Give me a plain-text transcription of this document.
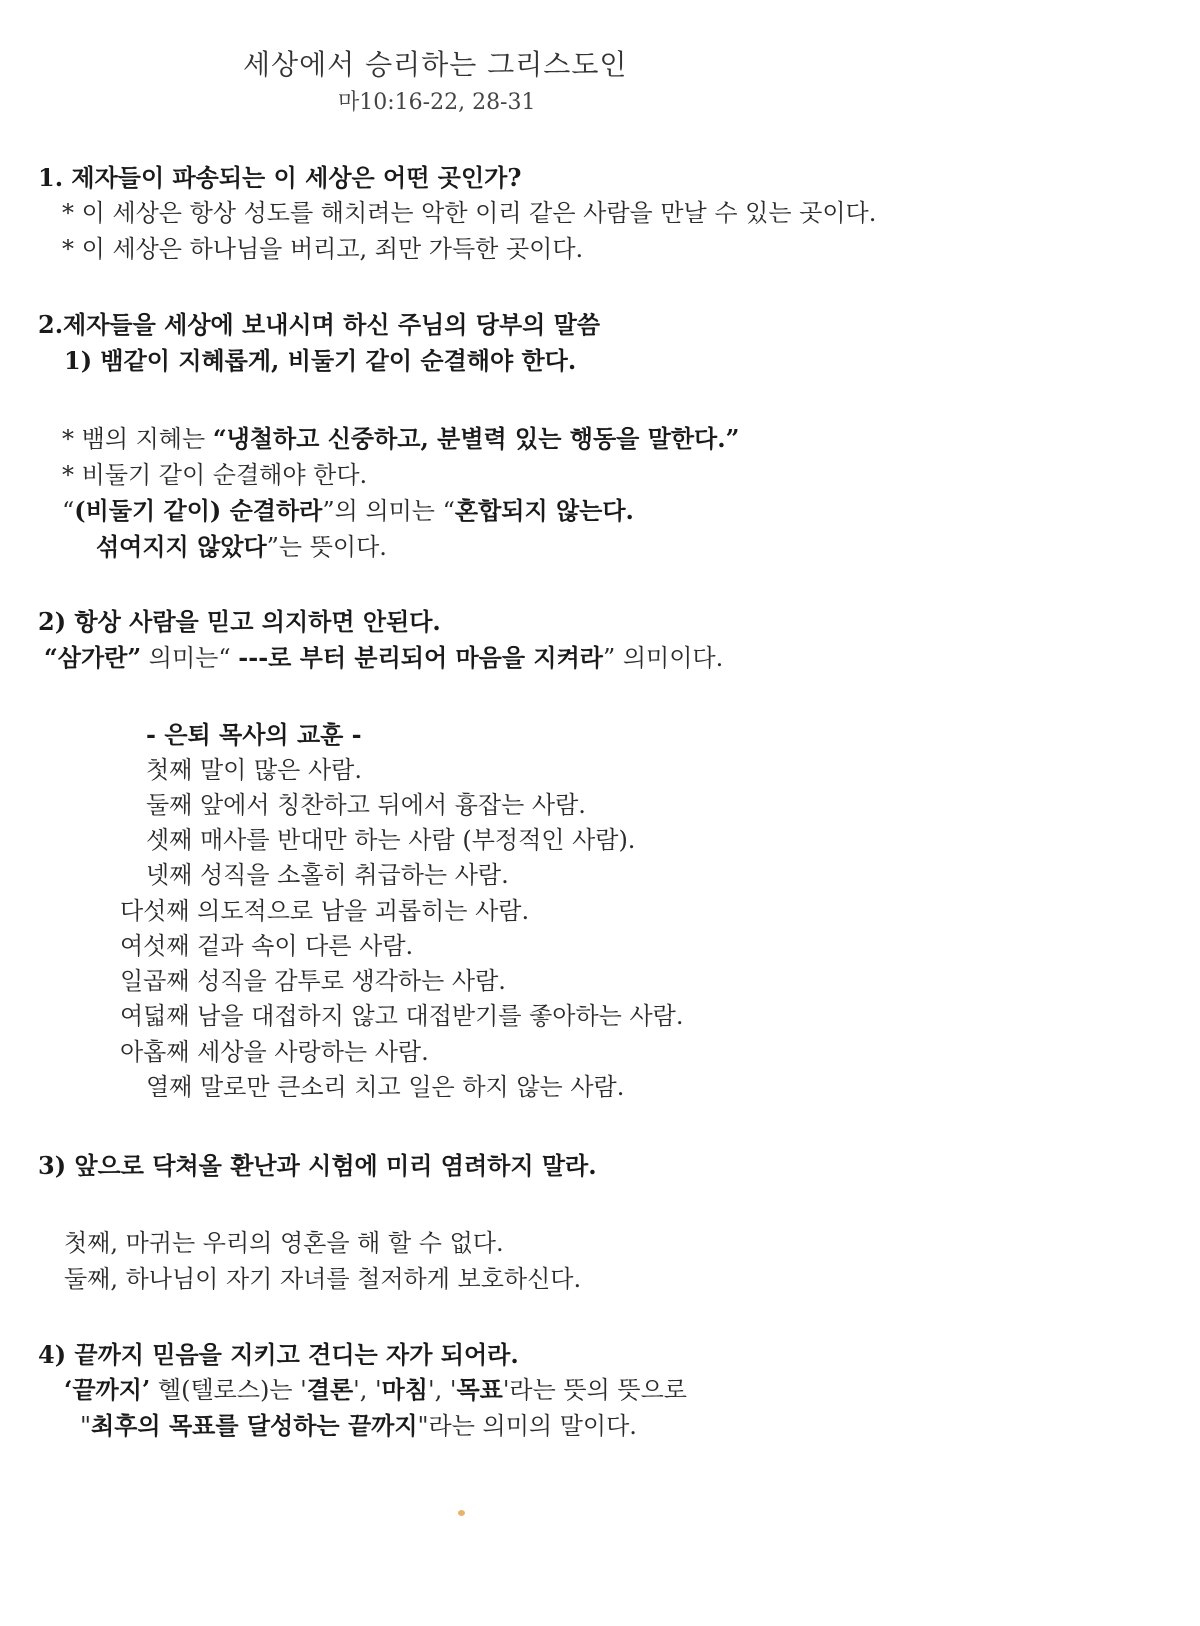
세상에서 승리하는 그리스도인
마10:16-22, 28-31
1. 제자들이 파송되는 이 세상은 어떤 곳인가?
* 이 세상은 항상 성도를 해치려는 악한 이리 같은 사람을 만날 수 있는 곳이다.
* 이 세상은 하나님을 버리고, 죄만 가득한 곳이다.
2.제자들을 세상에 보내시며 하신 주님의 당부의 말씀
1) 뱀같이 지혜롭게, 비둘기 같이 순결해야 한다.
* 뱀의 지혜는 “냉철하고 신중하고, 분별력 있는 행동을 말한다.”
* 비둘기 같이 순결해야 한다.
“(비둘기 같이) 순결하라”의 의미는 “혼합되지 않는다.
섞여지지 않았다”는 뜻이다.
2) 항상 사람을 믿고 의지하면 안된다.
“삼가란” 의미는“ ---로 부터 분리되어 마음을 지켜라” 의미이다.
- 은퇴 목사의 교훈 -
첫째 말이 많은 사람.
둘째 앞에서 칭찬하고 뒤에서 흉잡는 사람.
셋째 매사를 반대만 하는 사람 (부정적인 사람).
넷째 성직을 소홀히 취급하는 사람.
다섯째 의도적으로 남을 괴롭히는 사람.
여섯째 겉과 속이 다른 사람.
일곱째 성직을 감투로 생각하는 사람.
여덟째 남을 대접하지 않고 대접받기를 좋아하는 사람.
아홉째 세상을 사랑하는 사람.
열째 말로만 큰소리 치고 일은 하지 않는 사람.
3) 앞으로 닥쳐올 환난과 시험에 미리 염려하지 말라.
첫째, 마귀는 우리의 영혼을 해 할 수 없다.
둘째, 하나님이 자기 자녀를 철저하게 보호하신다.
4) 끝까지 믿음을 지키고 견디는 자가 되어라.
‘끝까지’ 헬(텔로스)는 '결론', '마침', '목표'라는 뜻의 뜻으로
"최후의 목표를 달성하는 끝까지"라는 의미의 말이다.
